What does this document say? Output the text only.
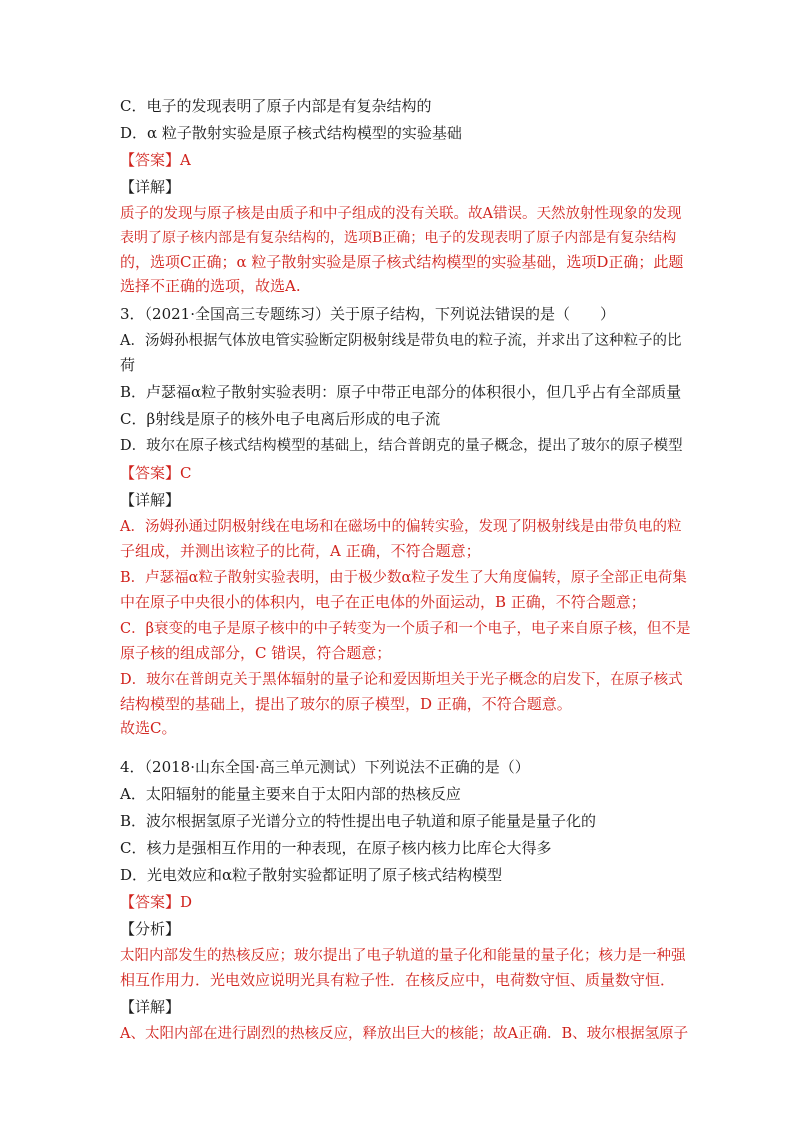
C．电子的发现表明了原子内部是有复杂结构的
D．α 粒子散射实验是原子核式结构模型的实验基础
【答案】A
【详解】
质子的发现与原子核是由质子和中子组成的没有关联。故A错误。天然放射性现象的发现
表明了原子核内部是有复杂结构的，选项B正确；电子的发现表明了原子内部是有复杂结构
的，选项C正确；α 粒子散射实验是原子核式结构模型的实验基础，选项D正确；此题
选择不正确的选项，故选A.
3．（2021·全国高三专题练习）关于原子结构，下列说法错误的是（　　）
A．汤姆孙根据气体放电管实验断定阴极射线是带负电的粒子流，并求出了这种粒子的比
荷
B．卢瑟福α粒子散射实验表明：原子中带正电部分的体积很小，但几乎占有全部质量
C．β射线是原子的核外电子电离后形成的电子流
D．玻尔在原子核式结构模型的基础上，结合普朗克的量子概念，提出了玻尔的原子模型
【答案】C
【详解】
A．汤姆孙通过阴极射线在电场和在磁场中的偏转实验，发现了阴极射线是由带负电的粒
子组成，并测出该粒子的比荷，A 正确，不符合题意；
B．卢瑟福α粒子散射实验表明，由于极少数α粒子发生了大角度偏转，原子全部正电荷集
中在原子中央很小的体积内，电子在正电体的外面运动，B 正确，不符合题意；
C．β衰变的电子是原子核中的中子转变为一个质子和一个电子，电子来自原子核，但不是
原子核的组成部分，C 错误，符合题意；
D．玻尔在普朗克关于黑体辐射的量子论和爱因斯坦关于光子概念的启发下，在原子核式
结构模型的基础上，提出了玻尔的原子模型，D 正确，不符合题意。
故选C。
4．（2018·山东全国·高三单元测试）下列说法不正确的是（）
A．太阳辐射的能量主要来自于太阳内部的热核反应
B．波尔根据氢原子光谱分立的特性提出电子轨道和原子能量是量子化的
C．核力是强相互作用的一种表现，在原子核内核力比库仑大得多
D．光电效应和α粒子散射实验都证明了原子核式结构模型
【答案】D
【分析】
太阳内部发生的热核反应；玻尔提出了电子轨道的量子化和能量的量子化；核力是一种强
相互作用力．光电效应说明光具有粒子性．在核反应中，电荷数守恒、质量数守恒．
【详解】
A、太阳内部在进行剧烈的热核反应，释放出巨大的核能；故A正确．B、玻尔根据氢原子
